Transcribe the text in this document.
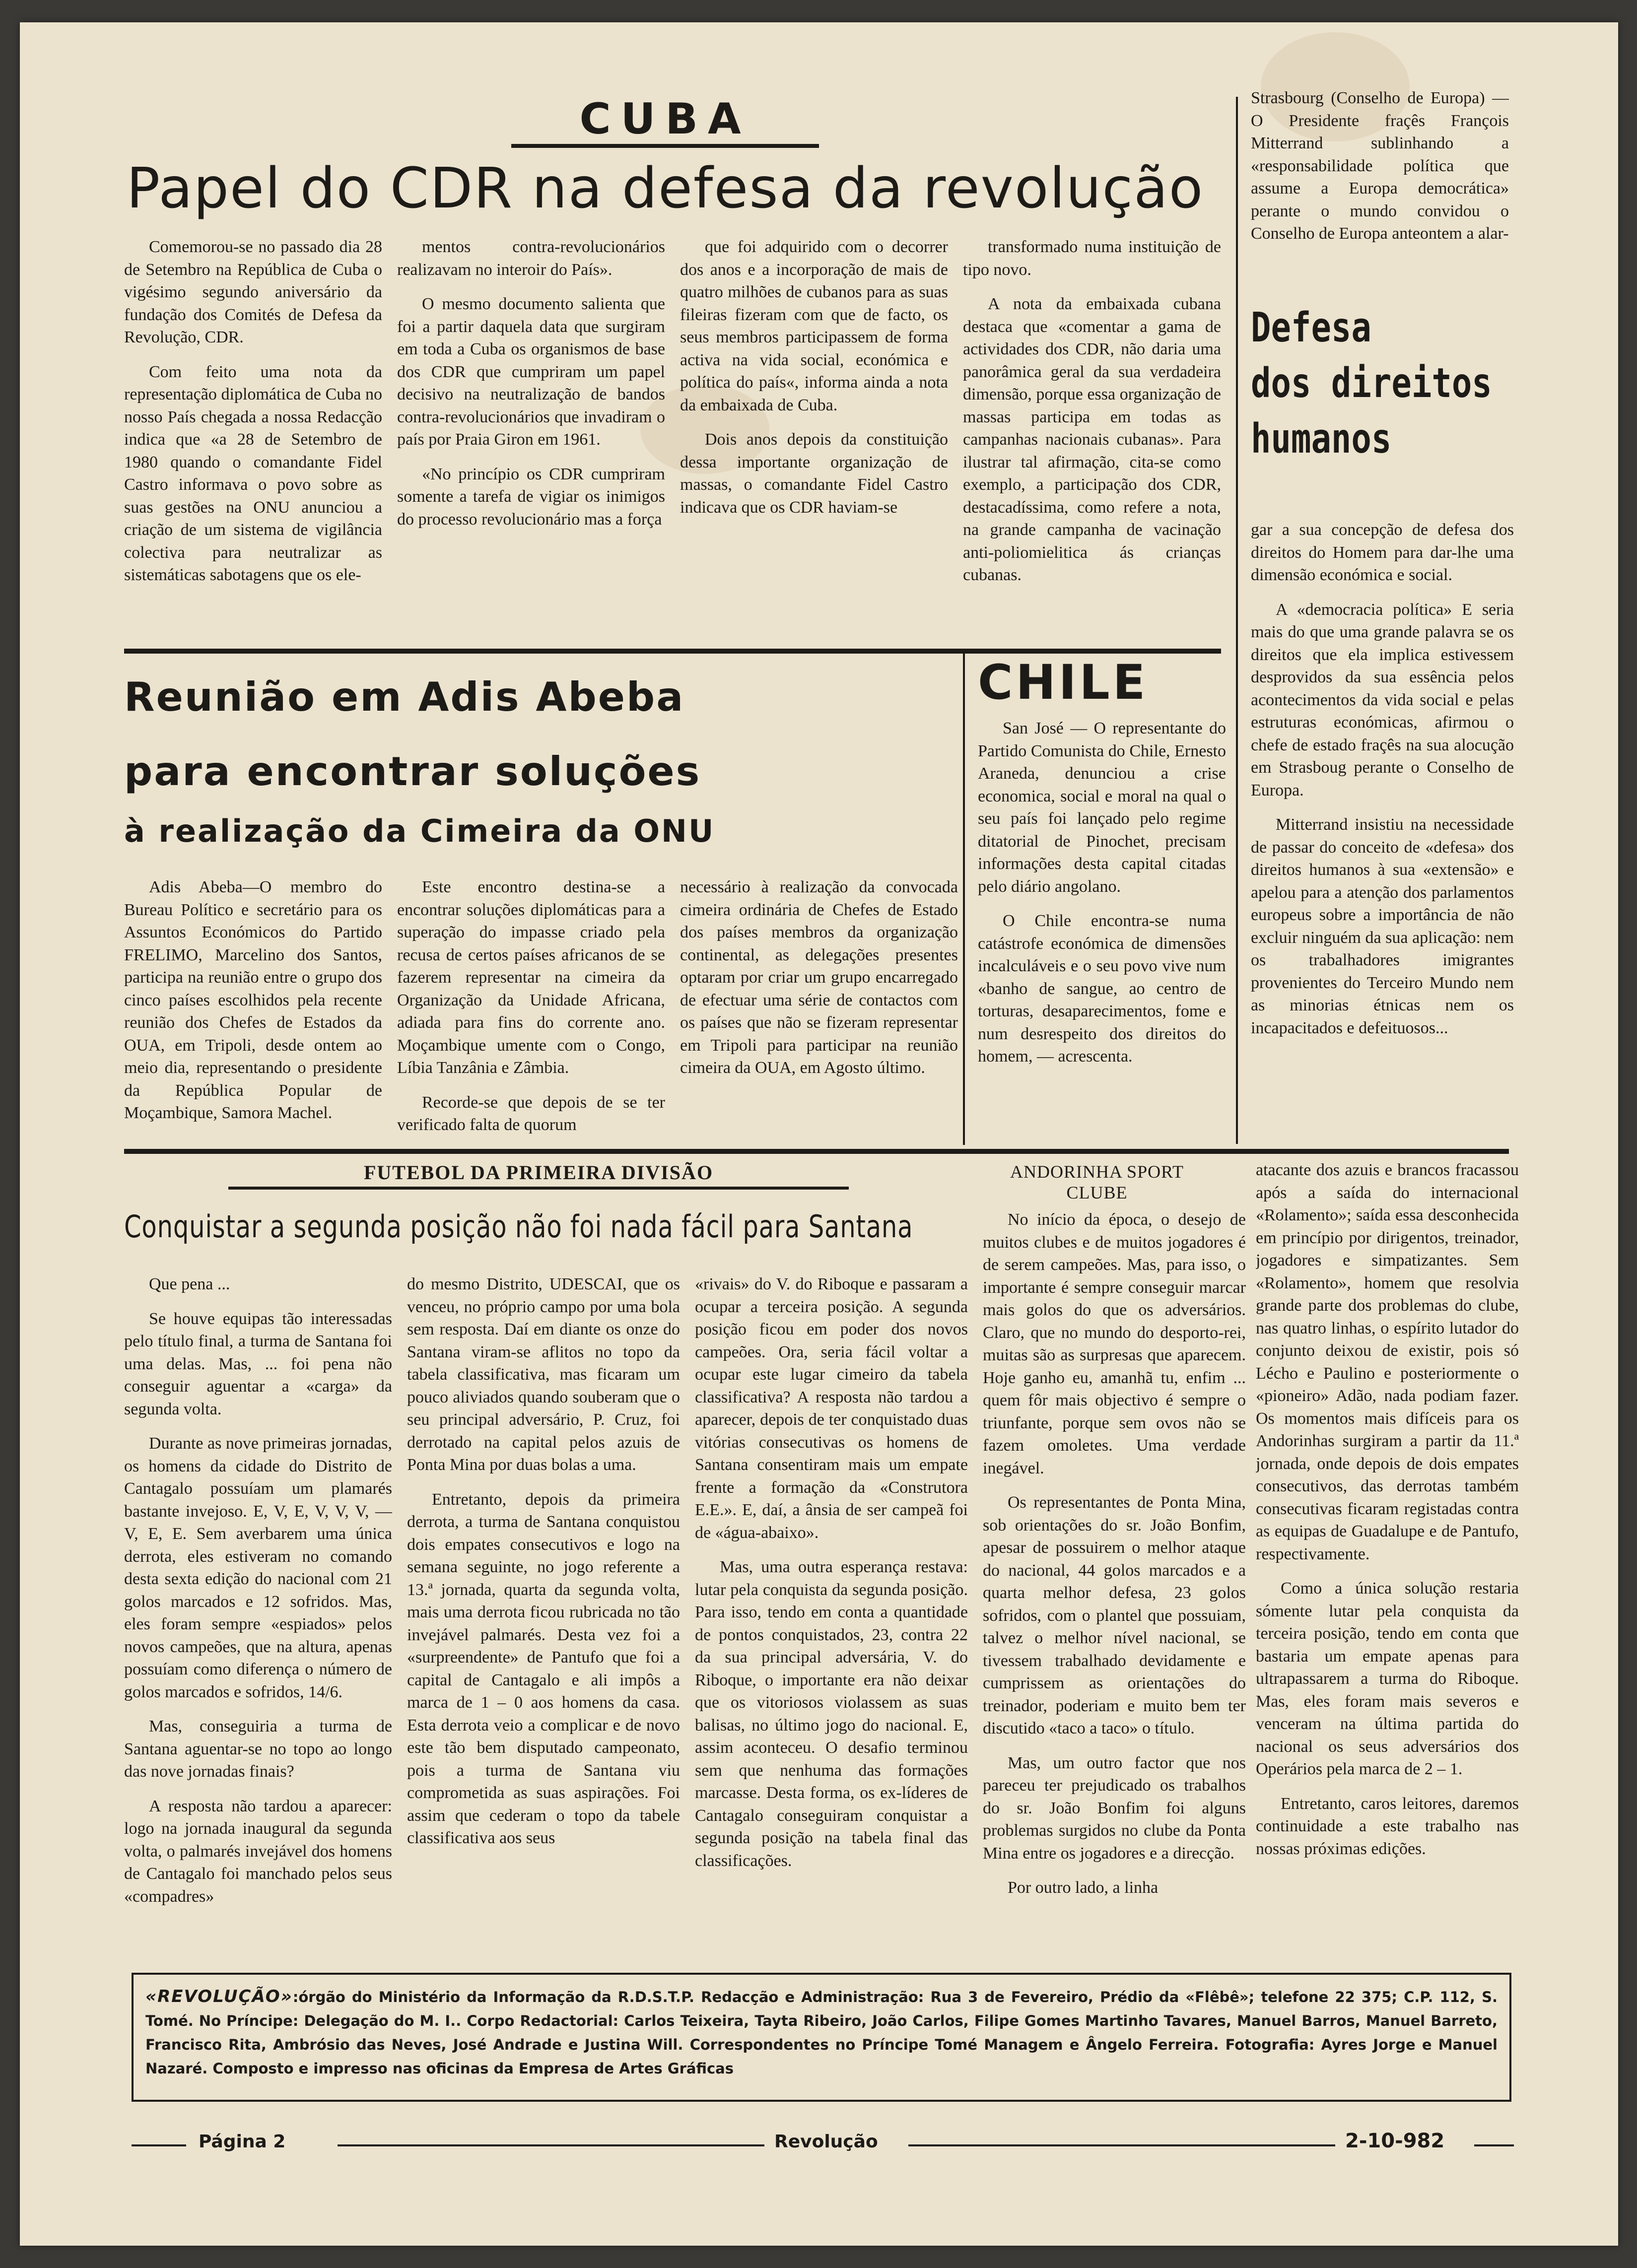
CUBA
Papel do CDR na defesa da revolução

Comemorou-se no passado dia 28 de Setembro na República de Cuba o vigésimo segundo aniversário da fundação dos Comités de Defesa da Revolução, CDR.

Com feito uma nota da representação diplomática de Cuba no nosso País chegada a nossa Redacção indica que «a 28 de Setembro de 1980 quando o comandante Fidel Castro informava o povo sobre as suas gestões na ONU anunciou a criação de um sistema de vigilância colectiva para neutralizar as sistemáticas sabotagens que os ele-

mentos contra-revolucionários realizavam no interoir do País».

O mesmo documento salienta que foi a partir daquela data que surgiram em toda a Cuba os organismos de base dos CDR que cumpriram um papel decisivo na neutralização de bandos contra-revolucionários que invadiram o país por Praia Giron em 1961.

«No princípio os CDR cumpriram somente a tarefa de vigiar os inimigos do processo revolucionário mas a força

que foi adquirido com o decorrer dos anos e a incorporação de mais de quatro milhões de cubanos para as suas fileiras fizeram com que de facto, os seus membros participassem de forma activa na vida social, económica e política do país«, informa ainda a nota da embaixada de Cuba.

Dois anos depois da constituição dessa importante organização de massas, o comandante Fidel Castro indicava que os CDR haviam-se

transformado numa instituição de tipo novo.

A nota da embaixada cubana destaca que «comentar a gama de actividades dos CDR, não daria uma panorâmica geral da sua verdadeira dimensão, porque essa organização de massas participa em todas as campanhas nacionais cubanas». Para ilustrar tal afirmação, cita-se como exemplo, a participação dos CDR, destacadíssima, como refere a nota, na grande campanha de vacinação anti-poliomielitica ás crianças cubanas.

Strasbourg (Conselho de Europa) — O Presidente fraçês François Mitterrand sublinhando a «responsabilidade política que assume a Europa democrática» perante o mundo convidou o Conselho de Europa anteontem a alar-

Defesa
dos direitos
humanos

gar a sua concepção de defesa dos direitos do Homem para dar-lhe uma dimensão económica e social.

A «democracia política» E seria mais do que uma grande palavra se os direitos que ela implica estivessem desprovidos da sua essência pelos acontecimentos da vida social e pelas estruturas económicas, afirmou o chefe de estado fraçês na sua alocução em Strasboug perante o Conselho de Europa.

Mitterrand insistiu na necessidade de passar do conceito de «defesa» dos direitos humanos à sua «extensão» e apelou para a atenção dos parlamentos europeus sobre a importância de não excluir ninguém da sua aplicação: nem os trabalhadores imigrantes provenientes do Terceiro Mundo nem as minorias étnicas nem os incapacitados e defeituosos...

Reunião em Adis Abeba
para encontrar soluções
à realização da Cimeira da ONU

Adis Abeba—O membro do Bureau Político e secretário para os Assuntos Económicos do Partido FRELIMO, Marcelino dos Santos, participa na reunião entre o grupo dos cinco países escolhidos pela recente reunião dos Chefes de Estados da OUA, em Tripoli, desde ontem ao meio dia, representando o presidente da República Popular de Moçambique, Samora Machel.

Este encontro destina-se a encontrar soluções diplomáticas para a superação do impasse criado pela recusa de certos países africanos de se fazerem representar na cimeira da Organização da Unidade Africana, adiada para fins do corrente ano. Moçambique umente com o Congo, Líbia Tanzânia e Zâmbia.

Recorde-se que depois de se ter verificado falta de quorum

necessário à realização da convocada cimeira ordinária de Chefes de Estado dos países membros da organização continental, as delegações presentes optaram por criar um grupo encarregado de efectuar uma série de contactos com os países que não se fizeram representar em Tripoli para participar na reunião cimeira da OUA, em Agosto último.

CHILE

San José — O representante do Partido Comunista do Chile, Ernesto Araneda, denunciou a crise economica, social e moral na qual o seu país foi lançado pelo regime ditatorial de Pinochet, precisam informações desta capital citadas pelo diário angolano.

O Chile encontra-se numa catástrofe económica de dimensões incalculáveis e o seu povo vive num «banho de sangue, ao centro de torturas, desaparecimentos, fome e num desrespeito dos direitos do homem, — acrescenta.

FUTEBOL DA PRIMEIRA DIVISÃO
Conquistar a segunda posição não foi nada fácil para Santana

Que pena ...

Se houve equipas tão interessadas pelo título final, a turma de Santana foi uma delas. Mas, ... foi pena não conseguir aguentar a «carga» da segunda volta.

Durante as nove primeiras jornadas, os homens da cidade do Distrito de Cantagalo possuíam um plamarés bastante invejoso. E, V, E, V, V, V, — V, E, E. Sem averbarem uma única derrota, eles estiveram no comando desta sexta edição do nacional com 21 golos marcados e 12 sofridos. Mas, eles foram sempre «espiados» pelos novos campeões, que na altura, apenas possuíam como diferença o número de golos marcados e sofridos, 14/6.

Mas, conseguiria a turma de Santana aguentar-se no topo ao longo das nove jornadas finais?

A resposta não tardou a aparecer: logo na jornada inaugural da segunda volta, o palmarés invejável dos homens de Cantagalo foi manchado pelos seus «compadres»

do mesmo Distrito, UDESCAI, que os venceu, no próprio campo por uma bola sem resposta. Daí em diante os onze do Santana viram-se aflitos no topo da tabela classificativa, mas ficaram um pouco aliviados quando souberam que o seu principal adversário, P. Cruz, foi derrotado na capital pelos azuis de Ponta Mina por duas bolas a uma.

Entretanto, depois da primeira derrota, a turma de Santana conquistou dois empates consecutivos e logo na semana seguinte, no jogo referente a 13.ª jornada, quarta da segunda volta, mais uma derrota ficou rubricada no tão invejável palmarés. Desta vez foi a «surpreendente» de Pantufo que foi a capital de Cantagalo e ali impôs a marca de 1 – 0 aos homens da casa. Esta derrota veio a complicar e de novo este tão bem disputado campeonato, pois a turma de Santana viu comprometida as suas aspirações. Foi assim que cederam o topo da tabele classificativa aos seus

«rivais» do V. do Riboque e passaram a ocupar a terceira posição. A segunda posição ficou em poder dos novos campeões. Ora, seria fácil voltar a ocupar este lugar cimeiro da tabela classificativa? A resposta não tardou a aparecer, depois de ter conquistado duas vitórias consecutivas os homens de Santana consentiram mais um empate frente a formação da «Construtora E.E.». E, daí, a ânsia de ser campeã foi de «água-abaixo».

Mas, uma outra esperança restava: lutar pela conquista da segunda posição. Para isso, tendo em conta a quantidade de pontos conquistados, 23, contra 22 da sua principal adversária, V. do Riboque, o importante era não deixar que os vitoriosos violassem as suas balisas, no último jogo do nacional. E, assim aconteceu. O desafio terminou sem que nenhuma das formações marcasse. Desta forma, os ex-líderes de Cantagalo conseguiram conquistar a segunda posição na tabela final das classificações.

ANDORINHA SPORT CLUBE

No início da época, o desejo de muitos clubes e de muitos jogadores é de serem campeões. Mas, para isso, o importante é sempre conseguir marcar mais golos do que os adversários. Claro, que no mundo do desporto-rei, muitas são as surpresas que aparecem. Hoje ganho eu, amanhã tu, enfim ... quem fôr mais objectivo é sempre o triunfante, porque sem ovos não se fazem omoletes. Uma verdade inegável.

Os representantes de Ponta Mina, sob orientações do sr. João Bonfim, apesar de possuirem o melhor ataque do nacional, 44 golos marcados e a quarta melhor defesa, 23 golos sofridos, com o plantel que possuiam, talvez o melhor nível nacional, se tivessem trabalhado devidamente e cumprissem as orientações do treinador, poderiam e muito bem ter discutido «taco a taco» o título.

Mas, um outro factor que nos pareceu ter prejudicado os trabalhos do sr. João Bonfim foi alguns problemas surgidos no clube da Ponta Mina entre os jogadores e a direcção.

Por outro lado, a linha

atacante dos azuis e brancos fracassou após a saída do internacional «Rolamento»; saída essa desconhecida em princípio por dirigentos, treinador, jogadores e simpatizantes. Sem «Rolamento», homem que resolvia grande parte dos problemas do clube, nas quatro linhas, o espírito lutador do conjunto deixou de existir, pois só Lécho e Paulino e posteriormente o «pioneiro» Adão, nada podiam fazer. Os momentos mais difíceis para os Andorinhas surgiram a partir da 11.ª jornada, onde depois de dois empates consecutivos, das derrotas também consecutivas ficaram registadas contra as equipas de Guadalupe e de Pantufo, respectivamente.

Como a única solução restaria sómente lutar pela conquista da terceira posição, tendo em conta que bastaria um empate apenas para ultrapassarem a turma do Riboque. Mas, eles foram mais severos e venceram na última partida do nacional os seus adversários dos Operários pela marca de 2 – 1.

Entretanto, caros leitores, daremos continuidade a este trabalho nas nossas próximas edições.

«REVOLUÇÃO»:órgão do Ministério da Informação da R.D.S.T.P. Redacção e Administração: Rua 3 de Fevereiro, Prédio da «Flêbê»; telefone 22 375; C.P. 112, S. Tomé. No Príncipe: Delegação do M. I.. Corpo Redactorial: Carlos Teixeira, Tayta Ribeiro, João Carlos, Filipe Gomes Martinho Tavares, Manuel Barros, Manuel Barreto, Francisco Rita, Ambrósio das Neves, José Andrade e Justina Will. Correspondentes no Príncipe Tomé Managem e Ângelo Ferreira. Fotografia: Ayres Jorge e Manuel Nazaré. Composto e impresso nas oficinas da Empresa de Artes Gráficas
Página 2	Revolução	2-10-982
